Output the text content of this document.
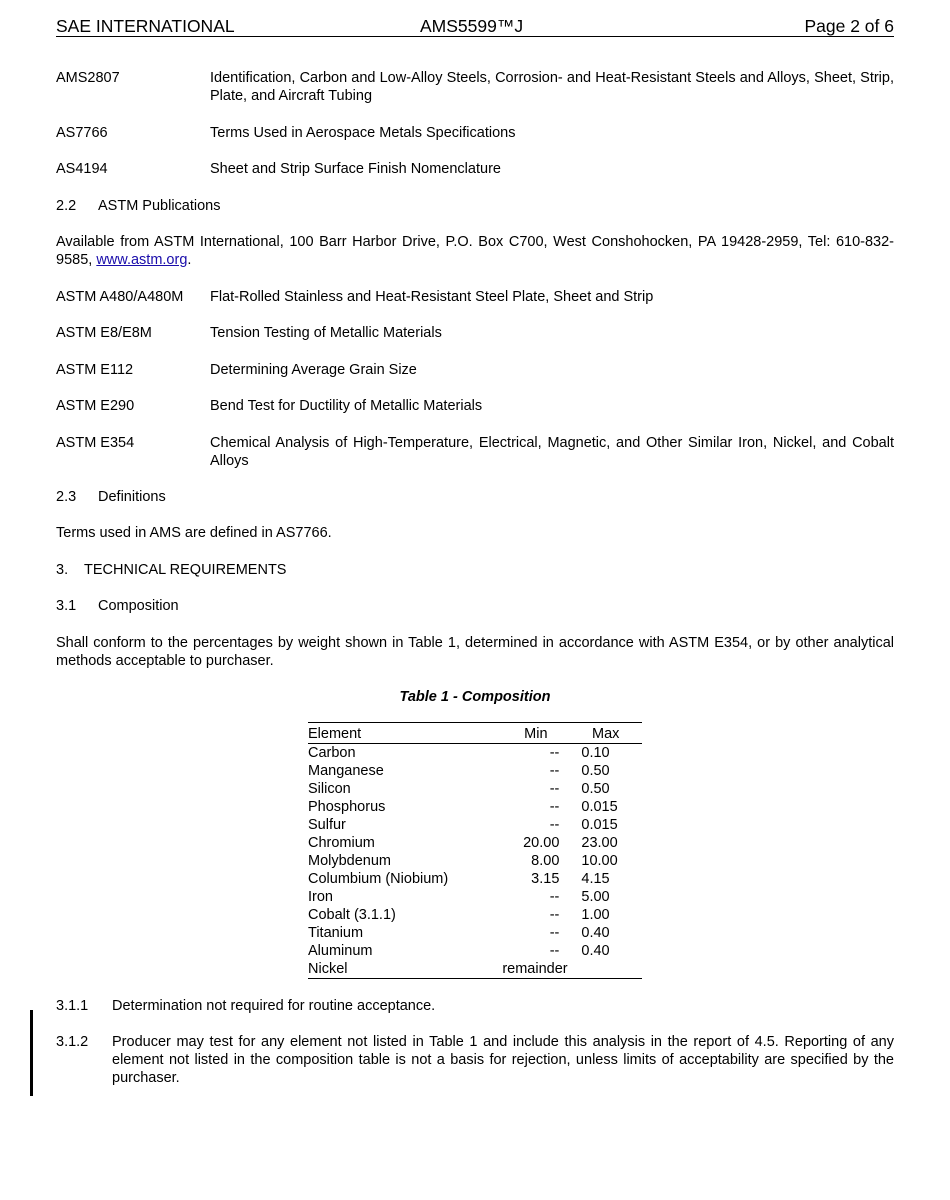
SAE INTERNATIONAL	AMS5599™J	Page 2 of 6
AMS2807	Identification, Carbon and Low-Alloy Steels, Corrosion- and Heat-Resistant Steels and Alloys, Sheet, Strip, Plate, and Aircraft Tubing
AS7766	Terms Used in Aerospace Metals Specifications
AS4194	Sheet and Strip Surface Finish Nomenclature
2.2 ASTM Publications
Available from ASTM International, 100 Barr Harbor Drive, P.O. Box C700, West Conshohocken, PA 19428-2959, Tel: 610-832-9585, www.astm.org.
ASTM A480/A480M Flat-Rolled Stainless and Heat-Resistant Steel Plate, Sheet and Strip
ASTM E8/E8M	Tension Testing of Metallic Materials
ASTM E112	Determining Average Grain Size
ASTM E290	Bend Test for Ductility of Metallic Materials
ASTM E354	Chemical Analysis of High-Temperature, Electrical, Magnetic, and Other Similar Iron, Nickel, and Cobalt Alloys
2.3 Definitions
Terms used in AMS are defined in AS7766.
3. TECHNICAL REQUIREMENTS
3.1 Composition
Shall conform to the percentages by weight shown in Table 1, determined in accordance with ASTM E354, or by other analytical methods acceptable to purchaser.
Table 1 - Composition
Element	Min	Max
Carbon	--	0.10
Manganese	--	0.50
Silicon	--	0.50
Phosphorus	--	0.015
Sulfur	--	0.015
Chromium	20.00	23.00
Molybdenum	8.00	10.00
Columbium (Niobium)	3.15	4.15
Iron	--	5.00
Cobalt (3.1.1)	--	1.00
Titanium	--	0.40
Aluminum	--	0.40
Nickel	remainder	
3.1.1 Determination not required for routine acceptance.
3.1.2 Producer may test for any element not listed in Table 1 and include this analysis in the report of 4.5. Reporting of any element not listed in the composition table is not a basis for rejection, unless limits of acceptability are specified by the purchaser.
